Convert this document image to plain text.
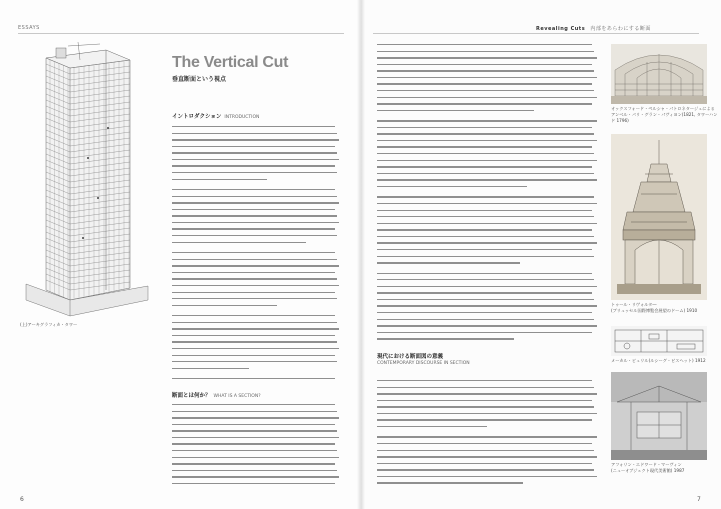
ESSAYS
(上)アーキグラフィカ・タワー
The Vertical Cut
垂直断面という視点
イントロダクション INTRODUCTION
断面とは何か？ WHAT IS A SECTION?
6
Revealing Cuts 内部をあらわにする断面
現代における断面図の意義
CONTEMPORARY DISCOURSE IN SECTION
オックスフォード・ペルシャ・パトロネタージュによる
アンベル・パリ・グラン・パヴィヨン(1821, タワーハンド 1796)
トゥール・リヴォルタ―
(ブリュッセル国際博覧会展望のドーム) 1910
メーカル・ピュリル(ルシーグ・ビスヘット) 1912
アフォリン・エドワード・マーヴィン
(ニューオブジェクト現代美術館) 1987
7
